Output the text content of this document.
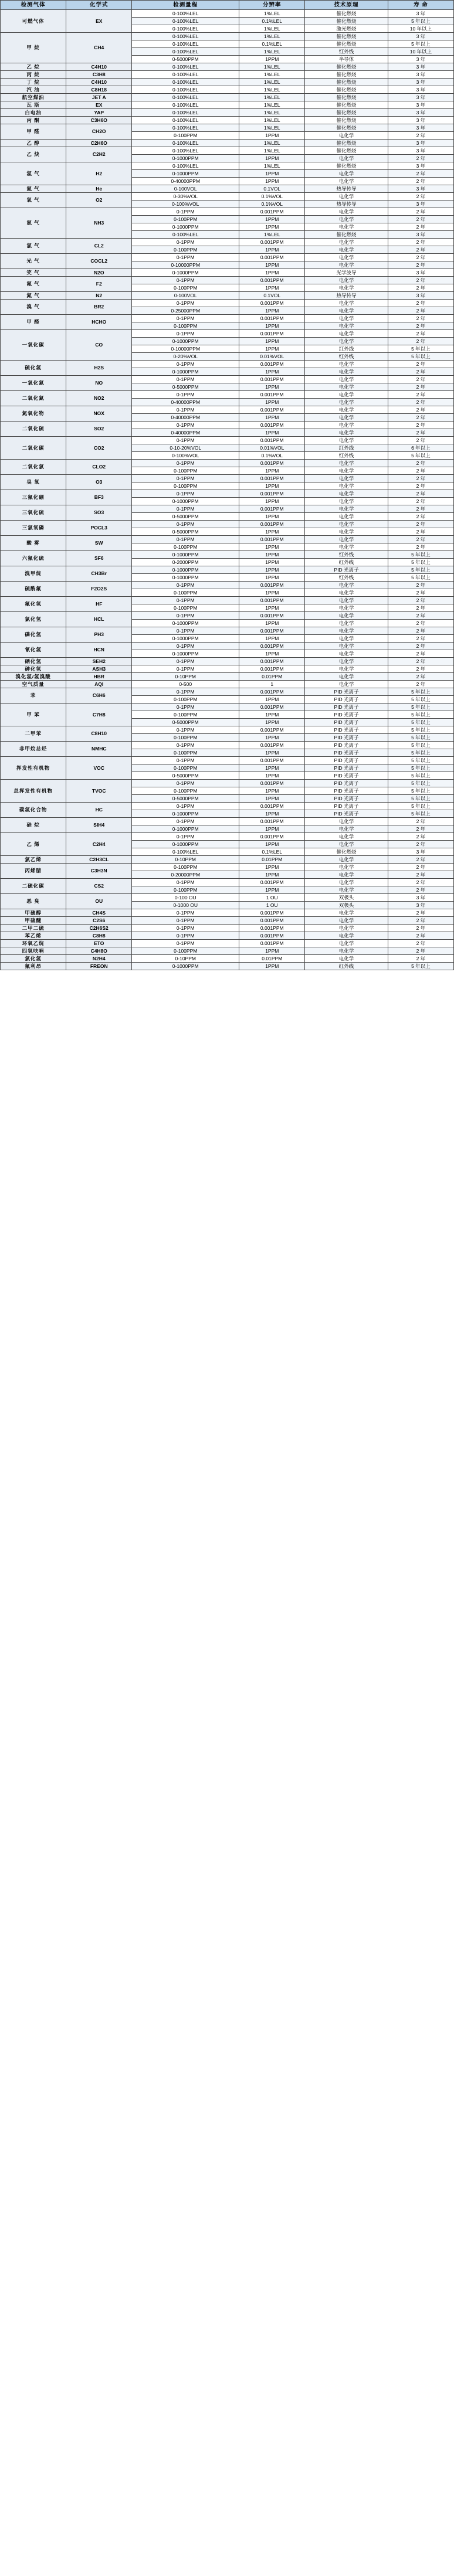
检测气体	化学式	检测量程	分辨率	技术原理	寿 命
可燃气体	EX	0-100%LEL	1%LEL	催化燃烧	3 年
		0-100%LEL	0.1%LEL	催化燃烧	5 年以上
		0-100%LEL	1%LEL	激光燃烧	10 年以上
甲 烷	CH4	0-100%LEL	1%LEL	催化燃烧	3 年
		0-100%LEL	0.1%LEL	催化燃烧	5 年以上
		0-100%LEL	1%LEL	红外线	10 年以上
		0-5000PPM	1PPM	半导体	3 年
乙 烷	C4H10	0-100%LEL	1%LEL	催化燃烧	3 年
丙 烷	C3H8	0-100%LEL	1%LEL	催化燃烧	3 年
丁 烷	C4H10	0-100%LEL	1%LEL	催化燃烧	3 年
汽 油	C8H18	0-100%LEL	1%LEL	催化燃烧	3 年
航空煤油	JET A	0-100%LEL	1%LEL	催化燃烧	3 年
瓦 斯	EX	0-100%LEL	1%LEL	催化燃烧	3 年
白电油	YAP	0-100%LEL	1%LEL	催化燃烧	3 年
丙 酮	C3H6O	0-100%LEL	1%LEL	催化燃烧	3 年
甲 醛	CH2O	0-100%LEL	1%LEL	催化燃烧	3 年
		0-100PPM	1PPM	电化学	2 年
乙 醇	C2H6O	0-100%LEL	1%LEL	催化燃烧	3 年
乙 炔	C2H2	0-100%LEL	1%LEL	催化燃烧	3 年
		0-1000PPM	1PPM	电化学	2 年
氢 气	H2	0-100%LEL	1%LEL	催化燃烧	3 年
		0-1000PPM	1PPM	电化学	2 年
		0-40000PPM	1PPM	电化学	2 年
氦 气	He	0-100VOL	0.1VOL	热导传导	3 年
氧 气	O2	0-30%VOL	0.1%VOL	电化学	2 年
		0-100%VOL	0.1%VOL	热导传导	3 年
氨 气	NH3	0-1PPM	0.001PPM	电化学	2 年
		0-100PPM	1PPM	电化学	2 年
		0-1000PPM	1PPM	电化学	2 年
		0-100%LEL	1%LEL	催化燃烧	3 年
氯 气	CL2	0-1PPM	0.001PPM	电化学	2 年
		0-100PPM	1PPM	电化学	2 年
光 气	COCL2	0-1PPM	0.001PPM	电化学	2 年
		0-10000PPM	1PPM	电化学	2 年
笑 气	N2O	0-1000PPM	1PPM	光学波导	3 年
氟 气	F2	0-1PPM	0.001PPM	电化学	2 年
		0-100PPM	1PPM	电化学	2 年
氮 气	N2	0-100VOL	0.1VOL	热导传导	3 年
溴 气	BR2	0-1PPM	0.001PPM	电化学	2 年
		0-25000PPM	1PPM	电化学	2 年
甲 醛	HCHO	0-1PPM	0.001PPM	电化学	2 年
		0-100PPM	1PPM	电化学	2 年
一氧化碳	CO	0-1PPM	0.001PPM	电化学	2 年
		0-1000PPM	1PPM	电化学	2 年
		0-10000PPM	1PPM	红外线	5 年以上
		0-20%VOL	0.01%VOL	红外线	5 年以上
硫化氢	H2S	0-1PPM	0.001PPM	电化学	2 年
		0-1000PPM	1PPM	电化学	2 年
一氧化氮	NO	0-1PPM	0.001PPM	电化学	2 年
		0-5000PPM	1PPM	电化学	2 年
二氧化氮	NO2	0-1PPM	0.001PPM	电化学	2 年
		0-40000PPM	1PPM	电化学	2 年
氮氧化物	NOX	0-1PPM	0.001PPM	电化学	2 年
		0-40000PPM	1PPM	电化学	2 年
二氧化硫	SO2	0-1PPM	0.001PPM	电化学	2 年
		0-40000PPM	1PPM	电化学	2 年
二氧化碳	CO2	0-1PPM	0.001PPM	电化学	2 年
		0-10-20%VOL	0.01%VOL	红外线	6 年以上
		0-100%VOL	0.1%VOL	红外线	5 年以上
二氧化氯	CLO2	0-1PPM	0.001PPM	电化学	2 年
		0-100PPM	1PPM	电化学	2 年
臭 氧	O3	0-1PPM	0.001PPM	电化学	2 年
		0-100PPM	1PPM	电化学	2 年
三氟化硼	BF3	0-1PPM	0.001PPM	电化学	2 年
		0-1000PPM	1PPM	电化学	2 年
三氧化硫	SO3	0-1PPM	0.001PPM	电化学	2 年
		0-5000PPM	1PPM	电化学	2 年
三氯氧磷	POCL3	0-1PPM	0.001PPM	电化学	2 年
		0-5000PPM	1PPM	电化学	2 年
酸 雾	SW	0-1PPM	0.001PPM	电化学	2 年
		0-100PPM	1PPM	电化学	2 年
六氟化硫	SF6	0-1000PPM	1PPM	红外线	5 年以上
		0-2000PPM	1PPM	红外线	5 年以上
溴甲烷	CH3Br	0-1000PPM	1PPM	PID 光离子	5 年以上
		0-1000PPM	1PPM	红外线	5 年以上
硫酰氟	F2O2S	0-1PPM	0.001PPM	电化学	2 年
		0-100PPM	1PPM	电化学	2 年
氟化氢	HF	0-1PPM	0.001PPM	电化学	2 年
		0-100PPM	1PPM	电化学	2 年
氯化氢	HCL	0-1PPM	0.001PPM	电化学	2 年
		0-1000PPM	1PPM	电化学	2 年
磷化氢	PH3	0-1PPM	0.001PPM	电化学	2 年
		0-1000PPM	1PPM	电化学	2 年
氰化氢	HCN	0-1PPM	0.001PPM	电化学	2 年
		0-1000PPM	1PPM	电化学	2 年
硒化氢	SEH2	0-1PPM	0.001PPM	电化学	2 年
砷化氢	ASH3	0-1PPM	0.001PPM	电化学	2 年
溴化氢/氢溴酸	HBR	0-10PPM	0.01PPM	电化学	2 年
空气质量	AQI	0-500	1	电化学	2 年
苯	C6H6	0-1PPM	0.001PPM	PID 光离子	5 年以上
		0-100PPM	1PPM	PID 光离子	5 年以上
甲 苯	C7H8	0-1PPM	0.001PPM	PID 光离子	5 年以上
		0-100PPM	1PPM	PID 光离子	5 年以上
		0-5000PPM	1PPM	PID 光离子	5 年以上
二甲苯	C8H10	0-1PPM	0.001PPM	PID 光离子	5 年以上
		0-100PPM	1PPM	PID 光离子	5 年以上
非甲烷总烃	NMHC	0-1PPM	0.001PPM	PID 光离子	5 年以上
		0-100PPM	1PPM	PID 光离子	5 年以上
挥发性有机物	VOC	0-1PPM	0.001PPM	PID 光离子	5 年以上
		0-100PPM	1PPM	PID 光离子	5 年以上
		0-5000PPM	1PPM	PID 光离子	5 年以上
总挥发性有机物	TVOC	0-1PPM	0.001PPM	PID 光离子	5 年以上
		0-100PPM	1PPM	PID 光离子	5 年以上
		0-5000PPM	1PPM	PID 光离子	5 年以上
碳氢化合物	HC	0-1PPM	0.001PPM	PID 光离子	5 年以上
		0-1000PPM	1PPM	PID 光离子	5 年以上
硅 烷	SIH4	0-1PPM	0.001PPM	电化学	2 年
		0-1000PPM	1PPM	电化学	2 年
乙 烯	C2H4	0-1PPM	0.001PPM	电化学	2 年
		0-1000PPM	1PPM	电化学	2 年
		0-100%LEL	0.1%LEL	催化燃烧	3 年
氯乙烯	C2H3CL	0-10PPM	0.01PPM	电化学	2 年
丙烯腈	C3H3N	0-100PPM	1PPM	电化学	2 年
		0-20000PPM	1PPM	电化学	2 年
二硫化碳	CS2	0-1PPM	0.001PPM	电化学	2 年
		0-100PPM	1PPM	电化学	2 年
恶 臭	OU	0-100 OU	1 OU	双极头	3 年
		0-1000 OU	1 OU	双极头	3 年
甲硫醇	CH4S	0-1PPM	0.001PPM	电化学	2 年
甲硫醚	C2S6	0-1PPM	0.001PPM	电化学	2 年
二甲二硫	C2H6S2	0-1PPM	0.001PPM	电化学	2 年
苯乙烯	C8H8	0-1PPM	0.001PPM	电化学	2 年
环氧乙烷	ETO	0-1PPM	0.001PPM	电化学	2 年
四氢呋喃	C4H8O	0-100PPM	1PPM	电化学	2 年
氯化氢	N2H4	0-10PPM	0.01PPM	电化学	2 年
氟利昂	FREON	0-1000PPM	1PPM	红外线	5 年以上
